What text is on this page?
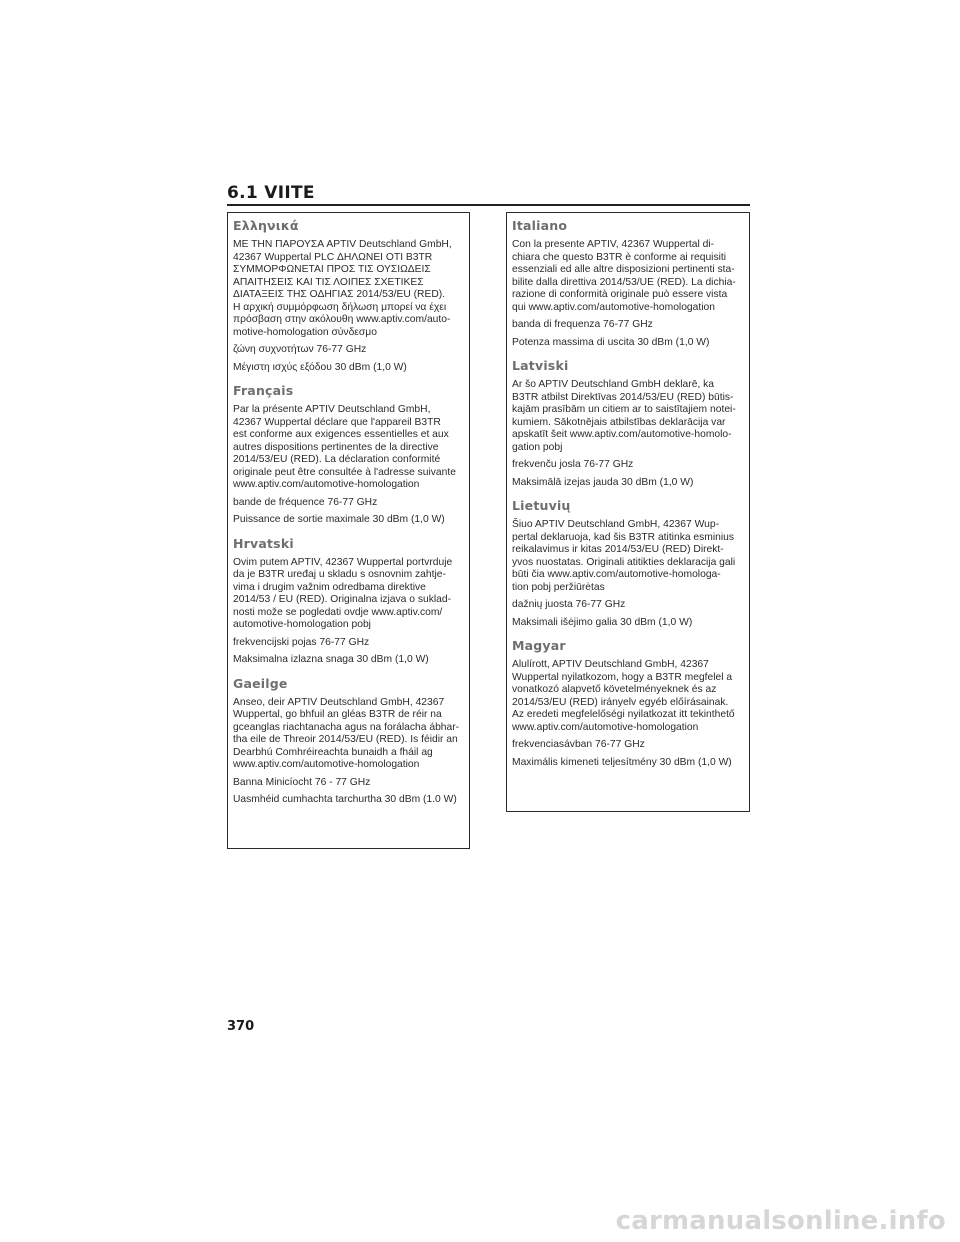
6.1 VIITE
Ελληνικά
ΜΕ ΤΗΝ ΠΑΡΟΥΣΑ APTIV Deutschland GmbH,
42367 Wuppertal PLC ΔΗΛΩΝΕΙ ΟΤΙ B3TR
ΣΥΜΜΟΡΦΩΝΕΤΑΙ ΠΡΟΣ ΤΙΣ ΟΥΣΙΩΔΕΙΣ
ΑΠΑΙΤΗΣΕΙΣ ΚΑΙ ΤΙΣ ΛΟΙΠΕΣ ΣΧΕΤΙΚΕΣ
ΔΙΑΤΑΞΕΙΣ ΤΗΣ ΟΔΗΓΙΑΣ 2014/53/EU (RED).
Η αρχική συμμόρφωση δήλωση μπορεί να έχει
πρόσβαση στην ακόλουθη www.aptiv.com/auto-
motive-homologation σύνδεσμο
ζώνη συχνοτήτων 76-77 GHz
Μέγιστη ισχύς εξόδου 30 dBm (1,0 W)
Français
Par la présente APTIV Deutschland GmbH,
42367 Wuppertal déclare que l'appareil B3TR
est conforme aux exigences essentielles et aux
autres dispositions pertinentes de la directive
2014/53/EU (RED). La déclaration conformité
originale peut être consultée à l'adresse suivante
www.aptiv.com/automotive-homologation
bande de fréquence 76-77 GHz
Puissance de sortie maximale 30 dBm (1,0 W)
Hrvatski
Ovim putem APTIV, 42367 Wuppertal portvrduje
da je B3TR uređaj u skladu s osnovnim zahtje-
vima i drugim važnim odredbama direktive
2014/53 / EU (RED). Originalna izjava o suklad-
nosti može se pogledati ovdje www.aptiv.com/
automotive-homologation pobj
frekvencijski pojas 76-77 GHz
Maksimalna izlazna snaga 30 dBm (1,0 W)
Gaeilge
Anseo, deir APTIV Deutschland GmbH, 42367
Wuppertal, go bhfuil an gléas B3TR de réir na
gceanglas riachtanacha agus na forálacha ábhar-
tha eile de Threoir 2014/53/EU (RED). Is féidir an
Dearbhú Comhréireachta bunaidh a fháil ag
www.aptiv.com/automotive-homologation
Banna Minicíocht 76 - 77 GHz
Uasmhéid cumhachta tarchurtha 30 dBm (1.0 W)
Italiano
Con la presente APTIV, 42367 Wuppertal di-
chiara che questo B3TR è conforme ai requisiti
essenziali ed alle altre disposizioni pertinenti sta-
bilite dalla direttiva 2014/53/UE (RED). La dichia-
razione di conformità originale può essere vista
qui www.aptiv.com/automotive-homologation
banda di frequenza 76-77 GHz
Potenza massima di uscita 30 dBm (1,0 W)
Latviski
Ar šo APTIV Deutschland GmbH deklarē, ka
B3TR atbilst Direktīvas 2014/53/EU (RED) būtis-
kajām prasībām un citiem ar to saistītajiem notei-
kumiem. Sākotnējais atbilstības deklarācija var
apskatīt šeit www.aptiv.com/automotive-homolo-
gation pobj
frekvenču josla 76-77 GHz
Maksimālā izejas jauda 30 dBm (1,0 W)
Lietuvių
Šiuo APTIV Deutschland GmbH, 42367 Wup-
pertal deklaruoja, kad šis B3TR atitinka esminius
reikalavimus ir kitas 2014/53/EU (RED) Direkt-
yvos nuostatas. Originali atitikties deklaracija gali
būti čia www.aptiv.com/automotive-homologa-
tion pobj peržiūrėtas
dažnių juosta 76-77 GHz
Maksimali išėjimo galia 30 dBm (1,0 W)
Magyar
Alulírott, APTIV Deutschland GmbH, 42367
Wuppertal nyilatkozom, hogy a B3TR megfelel a
vonatkozó alapvető követelményeknek és az
2014/53/EU (RED) irányelv egyéb előírásainak.
Az eredeti megfelelőségi nyilatkozat itt tekinthető
www.aptiv.com/automotive-homologation
frekvenciasávban 76-77 GHz
Maximális kimeneti teljesítmény 30 dBm (1,0 W)
370
carmanualsonline.info
